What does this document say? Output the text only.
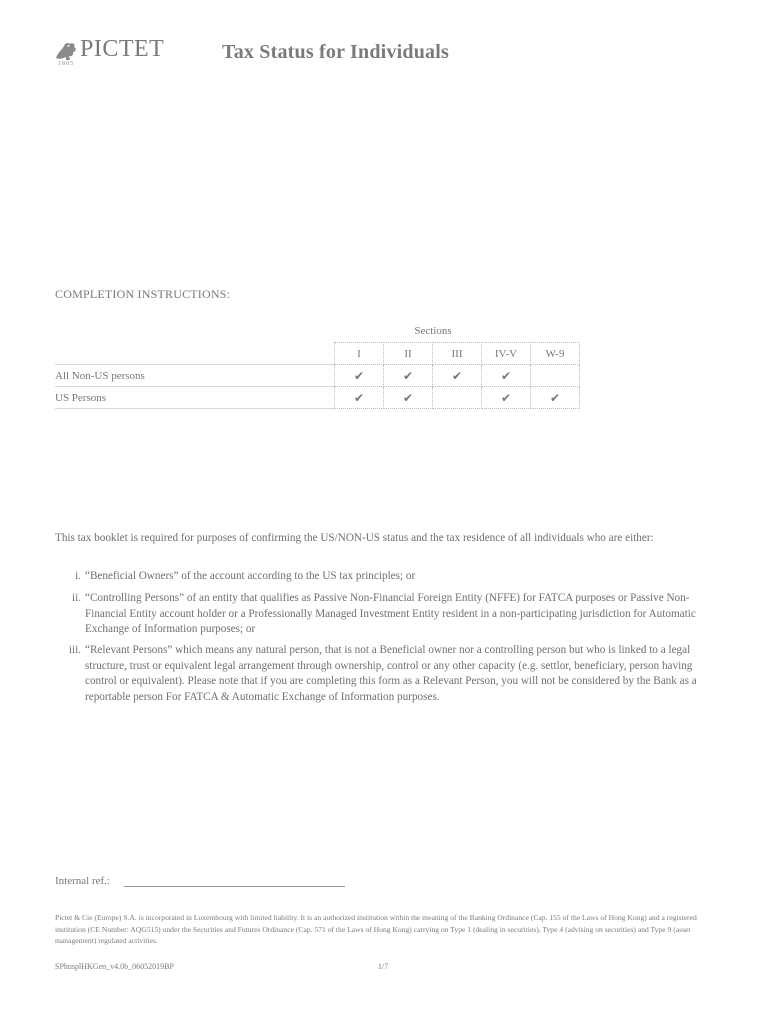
PICTET
1805
Tax Status for Individuals
COMPLETION INSTRUCTIONS:
Sections
	I	II	III	IV-V	W-9
All Non-US persons	✔	✔	✔	✔	
US Persons	✔	✔		✔	✔
This tax booklet is required for purposes of confirming the US/NON-US status and the tax residence of all individuals who are either:
i. “Beneficial Owners” of the account according to the US tax principles; or
ii. “Controlling Persons” of an entity that qualifies as Passive Non-Financial Foreign Entity (NFFE) for FATCA purposes or Passive Non-Financial Entity account holder or a Professionally Managed Investment Entity resident in a non-participating jurisdiction for Automatic Exchange of Information purposes; or
iii. “Relevant Persons” which means any natural person, that is not a Beneficial owner nor a controlling person but who is linked to a legal structure, trust or equivalent legal arrangement through ownership, control or any other capacity (e.g. settlor, beneficiary, person having control or equivalent). Please note that if you are completing this form as a Relevant Person, you will not be considered by the Bank as a reportable person For FATCA & Automatic Exchange of Information purposes.
Internal ref.:
Pictet & Cie (Europe) S.A. is incorporated in Luxembourg with limited liability. It is an authorized institution within the meaning of the Banking Ordinance (Cap. 155 of the Laws of Hong Kong) and a registered institution (CE Number: AQG515) under the Securities and Futures Ordinance (Cap. 571 of the Laws of Hong Kong) carrying on Type 1 (dealing in securities), Type 4 (advising on securities) and Type 9 (asset management) regulated activities.
SPhusplHKGen_v4.0b_06052019BP	1/7
